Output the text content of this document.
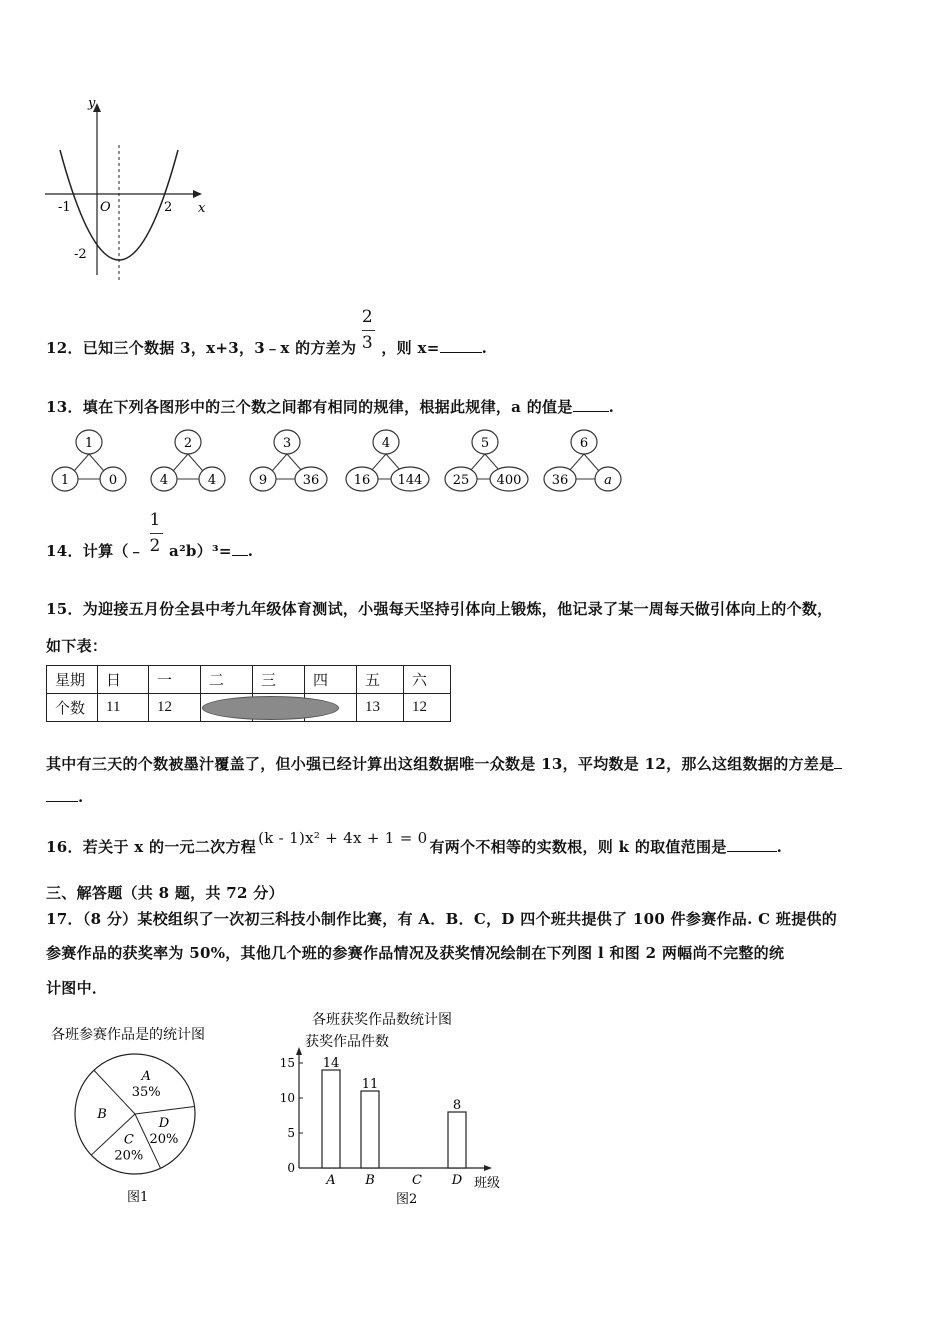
y
x
O
-1	2
-2
12．已知三个数据 3，x+3，3﹣x 的方差为 $\frac{2}{3}$ ，则 x=	.
13．填在下列各图形中的三个数之间都有相同的规律，根据此规律，a 的值是 .
1
1	0
2
4	4
3
9	36
4
16 144
5
25 400
6
36	a
14．计算（﹣ $\frac{1}{2} a^2b)^3=$ .
15．为迎接五月份全县中考九年级体育测试，小强每天坚持引体向上锻炼，他记录了某一周每天做引体向上的个数，
如下表：
星期	日	一	二	三	四	五	六
个数	11	12				13	12
其中有三天的个数被墨汁覆盖了，但小强已经计算出这组数据唯一众数是 13，平均数是 12，那么这组数据的方差是
.
16．若关于 x 的一元二次方程 (k - 1)x² + 4x + 1 = 0 有两个不相等的实数根，则 k 的取值范围是	.
三、解答题（共 8 题，共 72 分）
17．（8 分）某校组织了一次初三科技小制作比赛，有 A．B．C，D 四个班共提供了 100 件参赛作品. C 班提供的
参赛作品的获奖率为 50%，其他几个班的参赛作品情况及获奖情况绘制在下列图 l 和图 2 两幅尚不完整的统
计图中．
各班参赛作品是的统计图
A
35%
D
20%
C
20%
B
图1
各班获奖作品数统计图
获奖作品件数
0
5
10
15
A
14
B
11
C D
8
班级
图2
